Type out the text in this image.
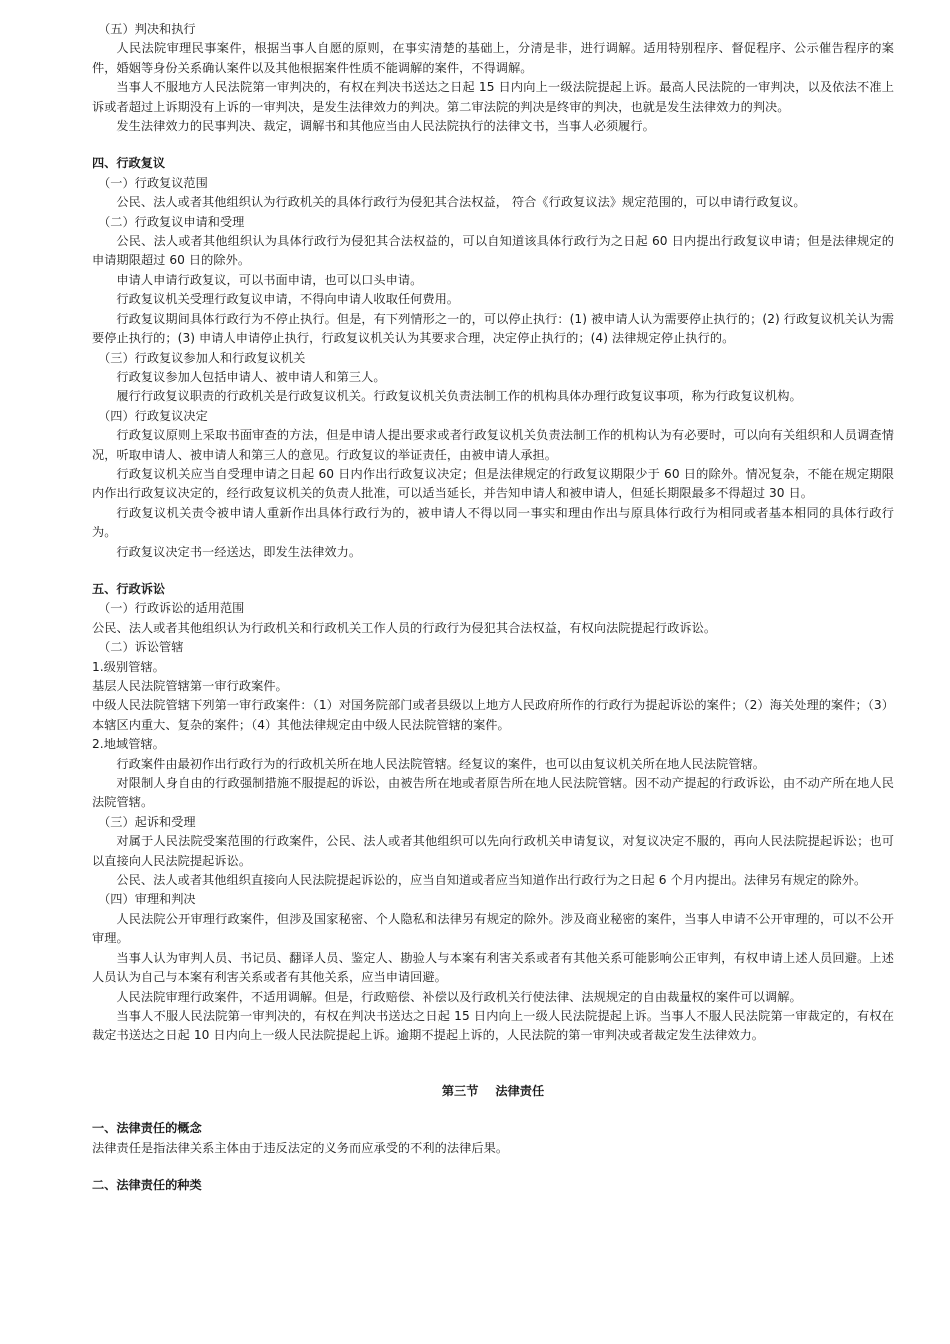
（五）判决和执行

人民法院审理民事案件，根据当事人自愿的原则，在事实清楚的基础上，分清是非，进行调解。适用特别程序、督促程序、公示催告程序的案件，婚姻等身份关系确认案件以及其他根据案件性质不能调解的案件，不得调解。

当事人不服地方人民法院第一审判决的，有权在判决书送达之日起 15 日内向上一级法院提起上诉。最高人民法院的一审判决，以及依法不准上诉或者超过上诉期没有上诉的一审判决，是发生法律效力的判决。第二审法院的判决是终审的判决，也就是发生法律效力的判决。

发生法律效力的民事判决、裁定，调解书和其他应当由人民法院执行的法律文书，当事人必须履行。

四、行政复议

（一）行政复议范围

公民、法人或者其他组织认为行政机关的具体行政行为侵犯其合法权益， 符合《行政复议法》规定范围的，可以申请行政复议。

（二）行政复议申请和受理

公民、法人或者其他组织认为具体行政行为侵犯其合法权益的，可以自知道该具体行政行为之日起 60 日内提出行政复议申请；但是法律规定的申请期限超过 60 日的除外。

申请人申请行政复议，可以书面申请，也可以口头申请。

行政复议机关受理行政复议申请，不得向申请人收取任何费用。

行政复议期间具体行政行为不停止执行。但是，有下列情形之一的，可以停止执行：(1) 被申请人认为需要停止执行的；(2) 行政复议机关认为需要停止执行的；(3) 申请人申请停止执行，行政复议机关认为其要求合理，决定停止执行的；(4) 法律规定停止执行的。

（三）行政复议参加人和行政复议机关

行政复议参加人包括申请人、被申请人和第三人。

履行行政复议职责的行政机关是行政复议机关。行政复议机关负责法制工作的机构具体办理行政复议事项，称为行政复议机构。

（四）行政复议决定

行政复议原则上采取书面审查的方法，但是申请人提出要求或者行政复议机关负责法制工作的机构认为有必要时，可以向有关组织和人员调查情况，听取申请人、被申请人和第三人的意见。行政复议的举证责任，由被申请人承担。

行政复议机关应当自受理申请之日起 60 日内作出行政复议决定；但是法律规定的行政复议期限少于 60 日的除外。情况复杂，不能在规定期限内作出行政复议决定的，经行政复议机关的负责人批准，可以适当延长，并告知申请人和被申请人，但延长期限最多不得超过 30 日。

行政复议机关责令被申请人重新作出具体行政行为的，被申请人不得以同一事实和理由作出与原具体行政行为相同或者基本相同的具体行政行为。

行政复议决定书一经送达，即发生法律效力。

五、行政诉讼

（一）行政诉讼的适用范围

公民、法人或者其他组织认为行政机关和行政机关工作人员的行政行为侵犯其合法权益，有权向法院提起行政诉讼。

（二）诉讼管辖

1.级别管辖。

基层人民法院管辖第一审行政案件。

中级人民法院管辖下列第一审行政案件：（1）对国务院部门或者县级以上地方人民政府所作的行政行为提起诉讼的案件；（2）海关处理的案件；（3）本辖区内重大、复杂的案件；（4）其他法律规定由中级人民法院管辖的案件。

2.地域管辖。

行政案件由最初作出行政行为的行政机关所在地人民法院管辖。经复议的案件，也可以由复议机关所在地人民法院管辖。

对限制人身自由的行政强制措施不服提起的诉讼，由被告所在地或者原告所在地人民法院管辖。因不动产提起的行政诉讼，由不动产所在地人民法院管辖。

（三）起诉和受理

对属于人民法院受案范围的行政案件，公民、法人或者其他组织可以先向行政机关申请复议，对复议决定不服的，再向人民法院提起诉讼；也可以直接向人民法院提起诉讼。

公民、法人或者其他组织直接向人民法院提起诉讼的，应当自知道或者应当知道作出行政行为之日起 6 个月内提出。法律另有规定的除外。

（四）审理和判决

人民法院公开审理行政案件，但涉及国家秘密、个人隐私和法律另有规定的除外。涉及商业秘密的案件，当事人申请不公开审理的，可以不公开审理。

当事人认为审判人员、书记员、翻译人员、鉴定人、勘验人与本案有利害关系或者有其他关系可能影响公正审判，有权申请上述人员回避。上述人员认为自己与本案有利害关系或者有其他关系，应当申请回避。

人民法院审理行政案件，不适用调解。但是，行政赔偿、补偿以及行政机关行使法律、法规规定的自由裁量权的案件可以调解。

当事人不服人民法院第一审判决的，有权在判决书送达之日起 15 日内向上一级人民法院提起上诉。当事人不服人民法院第一审裁定的，有权在裁定书送达之日起 10 日内向上一级人民法院提起上诉。逾期不提起上诉的，人民法院的第一审判决或者裁定发生法律效力。

第三节 法律责任

一、法律责任的概念

法律责任是指法律关系主体由于违反法定的义务而应承受的不利的法律后果。

二、法律责任的种类
